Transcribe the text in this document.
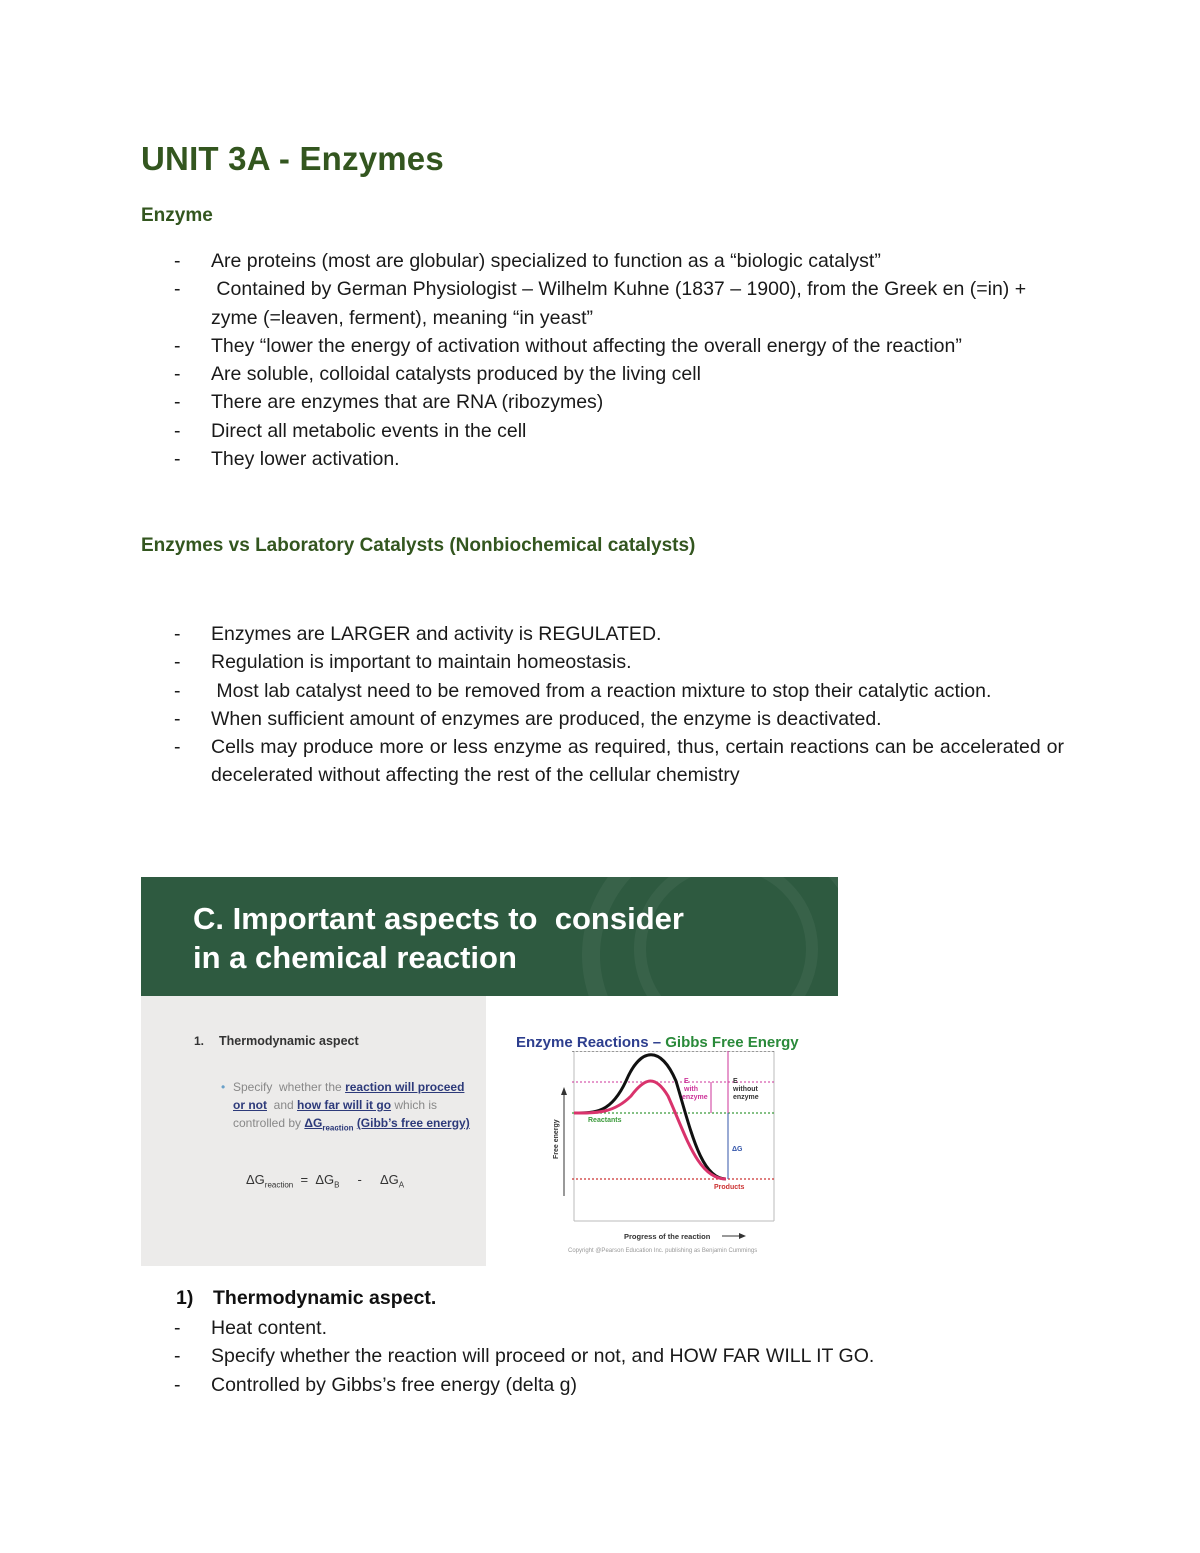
UNIT 3A - Enzymes
Enzyme
- Are proteins (most are globular) specialized to function as a “biologic catalyst”
- Contained by German Physiologist – Wilhelm Kuhne (1837 – 1900), from the Greek en (=in) + zyme (=leaven, ferment), meaning “in yeast”
- They “lower the energy of activation without affecting the overall energy of the reaction”
- Are soluble, colloidal catalysts produced by the living cell
- There are enzymes that are RNA (ribozymes)
- Direct all metabolic events in the cell
- They lower activation.
Enzymes vs Laboratory Catalysts (Nonbiochemical catalysts)
- Enzymes are LARGER and activity is REGULATED.
- Regulation is important to maintain homeostasis.
- Most lab catalyst need to be removed from a reaction mixture to stop their catalytic action.
- When sufficient amount of enzymes are produced, the enzyme is deactivated.
- Cells may produce more or less enzyme as required, thus, certain reactions can be accelerated or decelerated without affecting the rest of the cellular chemistry
C. Important aspects to  consider
in a chemical reaction
1. Thermodynamic aspect
• Specify  whether the reaction will proceed or not  and how far will it go which is controlled by $\Delta G_{reaction}$ (Gibb’s free energy)
$\Delta G_{reaction} = \Delta G_B - \Delta G_A$
Enzyme Reactions – Gibbs Free Energy
Reactants
Products
with
enzyme
E	E
without
enzyme
ΔG
Free energy
Progress of the reaction
Copyright @Pearson Education Inc. publishing as Benjamin Cummings
1) Thermodynamic aspect.
- Heat content.
- Specify whether the reaction will proceed or not, and HOW FAR WILL IT GO.
- Controlled by Gibbs’s free energy (delta g)
